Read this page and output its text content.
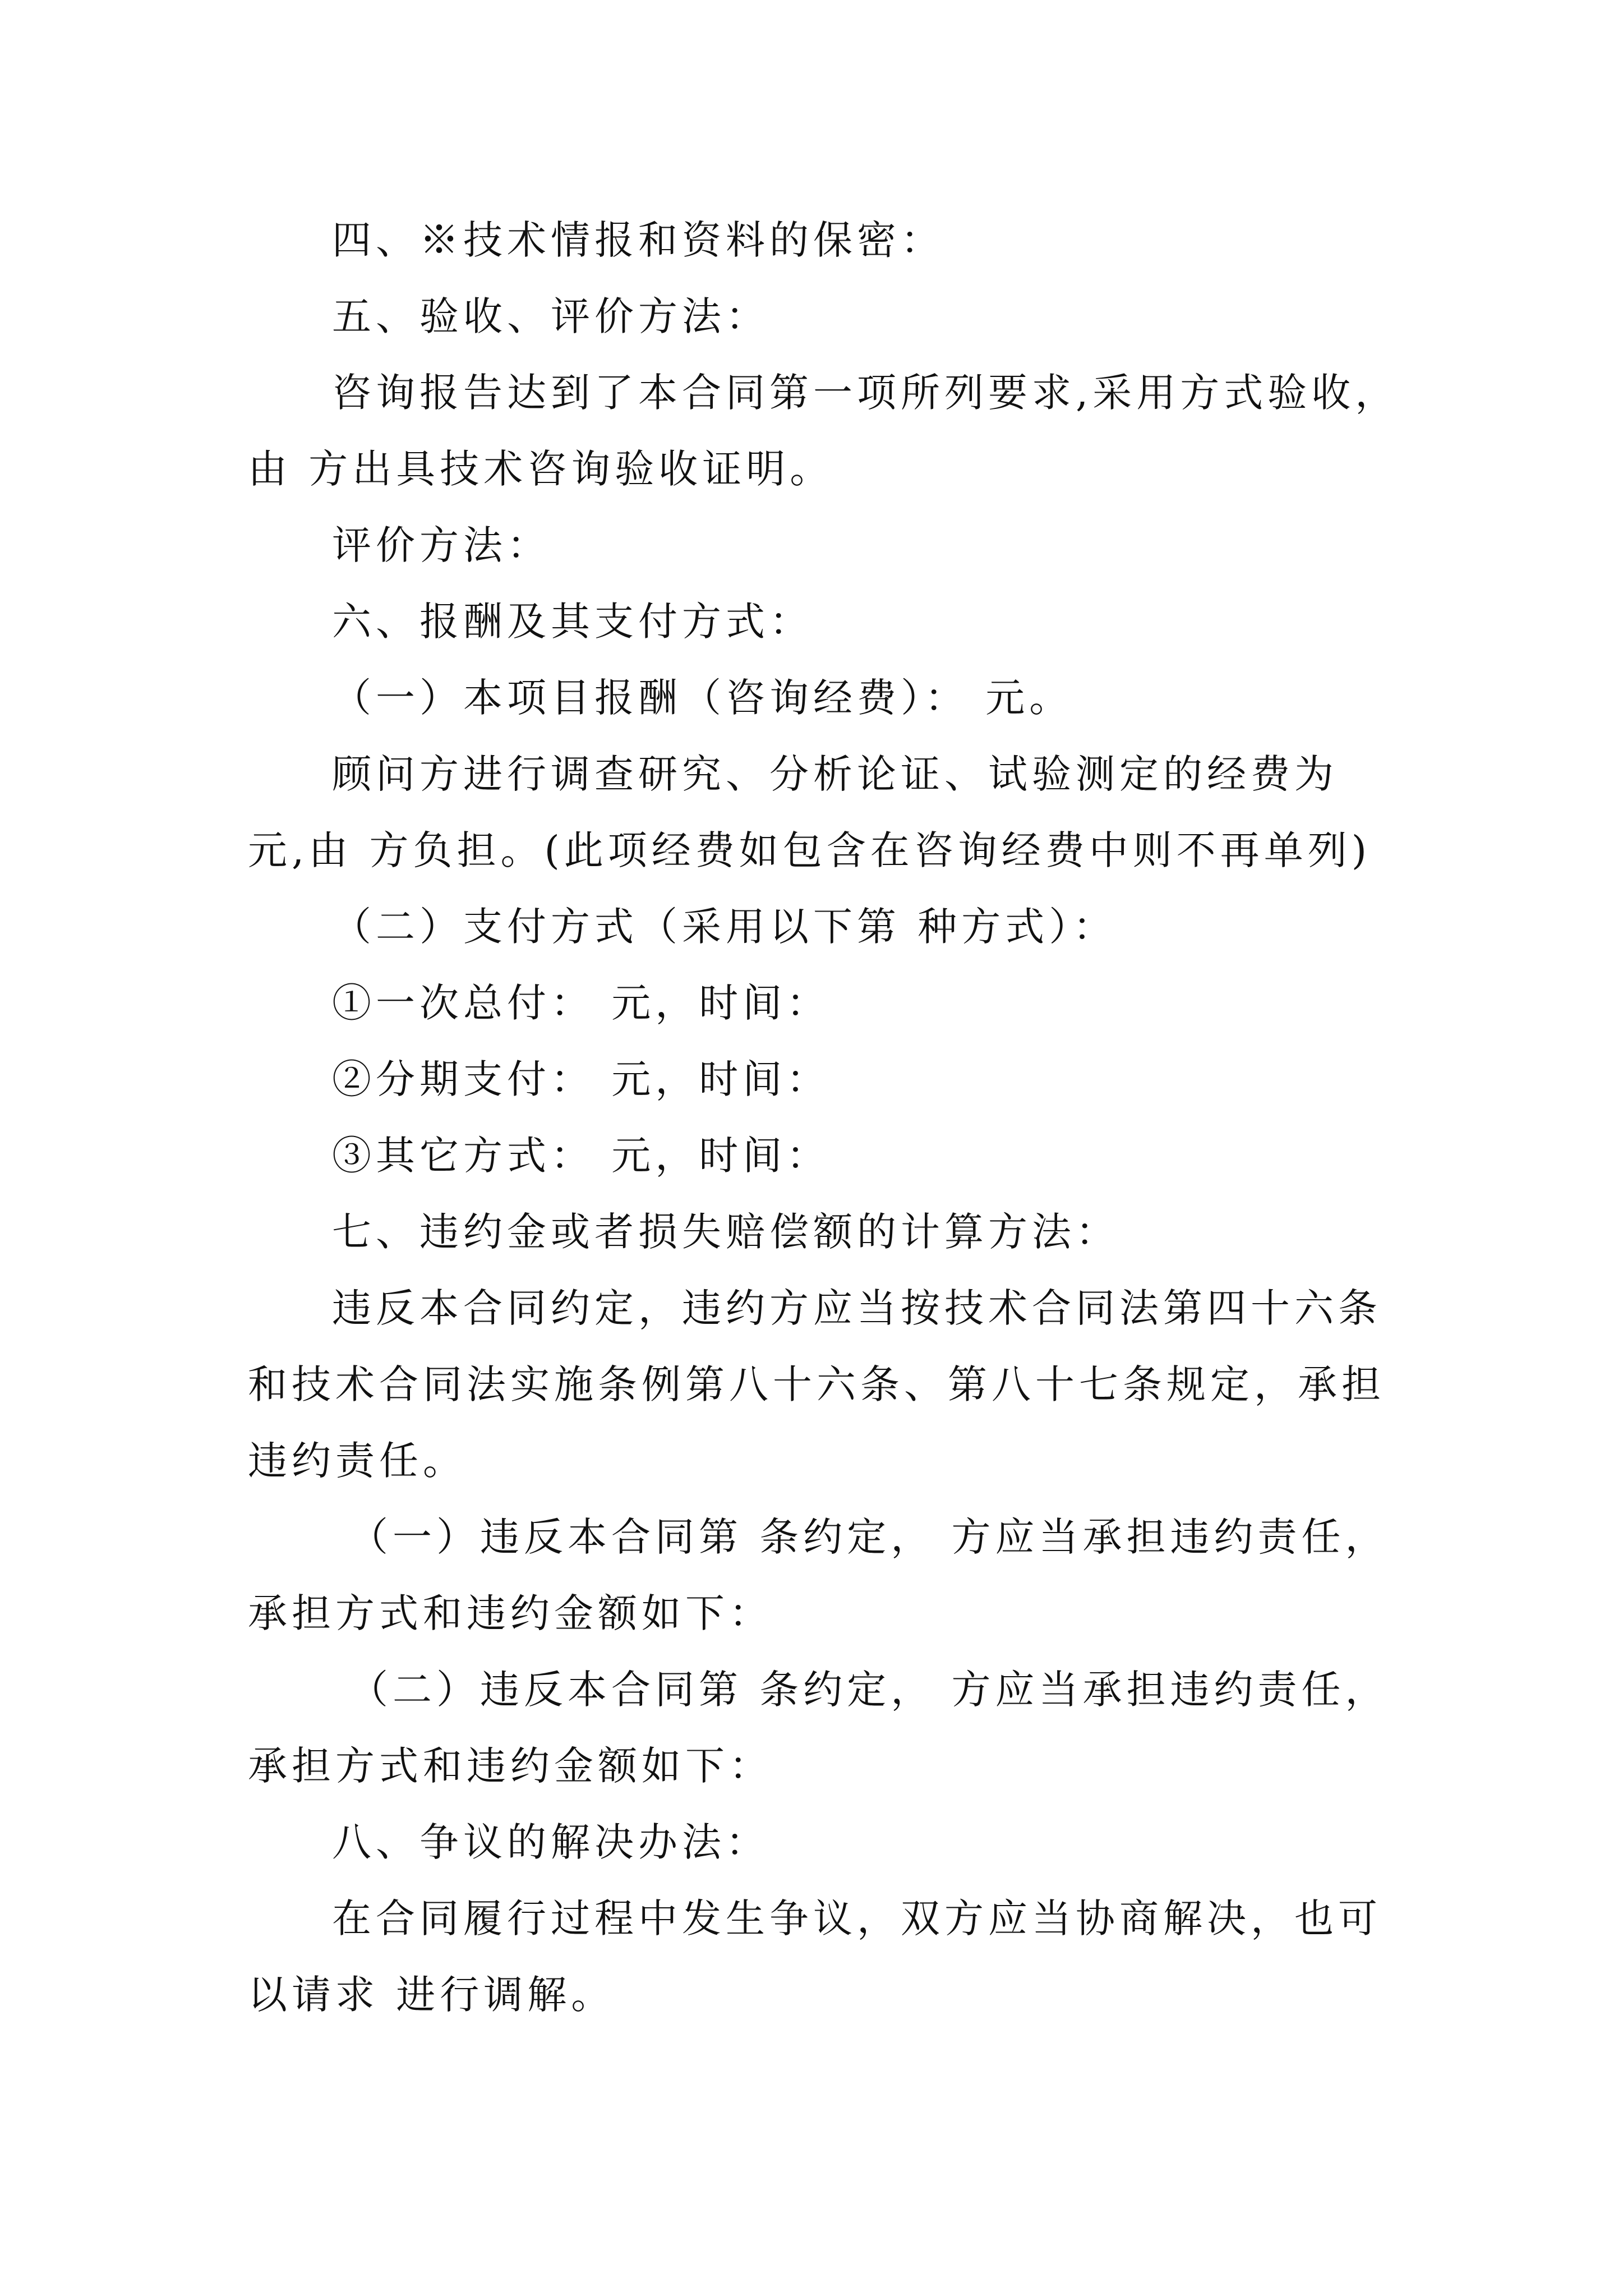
四、※技术情报和资料的保密：
五、验收、评价方法：
咨询报告达到了本合同第一项所列要求,采用方式验收，
由 方出具技术咨询验收证明。
评价方法：
六、报酬及其支付方式：
（一）本项目报酬（咨询经费）： 元。
顾问方进行调查研究、分析论证、试验测定的经费为
元,由 方负担。(此项经费如包含在咨询经费中则不再单列)
（二）支付方式（采用以下第 种方式）：
①一次总付： 元，时间：
②分期支付： 元，时间：
③其它方式： 元，时间：
七、违约金或者损失赔偿额的计算方法：
违反本合同约定，违约方应当按技术合同法第四十六条
和技术合同法实施条例第八十六条、第八十七条规定，承担
违约责任。
（一）违反本合同第 条约定， 方应当承担违约责任，
承担方式和违约金额如下：
（二）违反本合同第 条约定， 方应当承担违约责任，
承担方式和违约金额如下：
八、争议的解决办法：
在合同履行过程中发生争议，双方应当协商解决，也可
以请求 进行调解。
